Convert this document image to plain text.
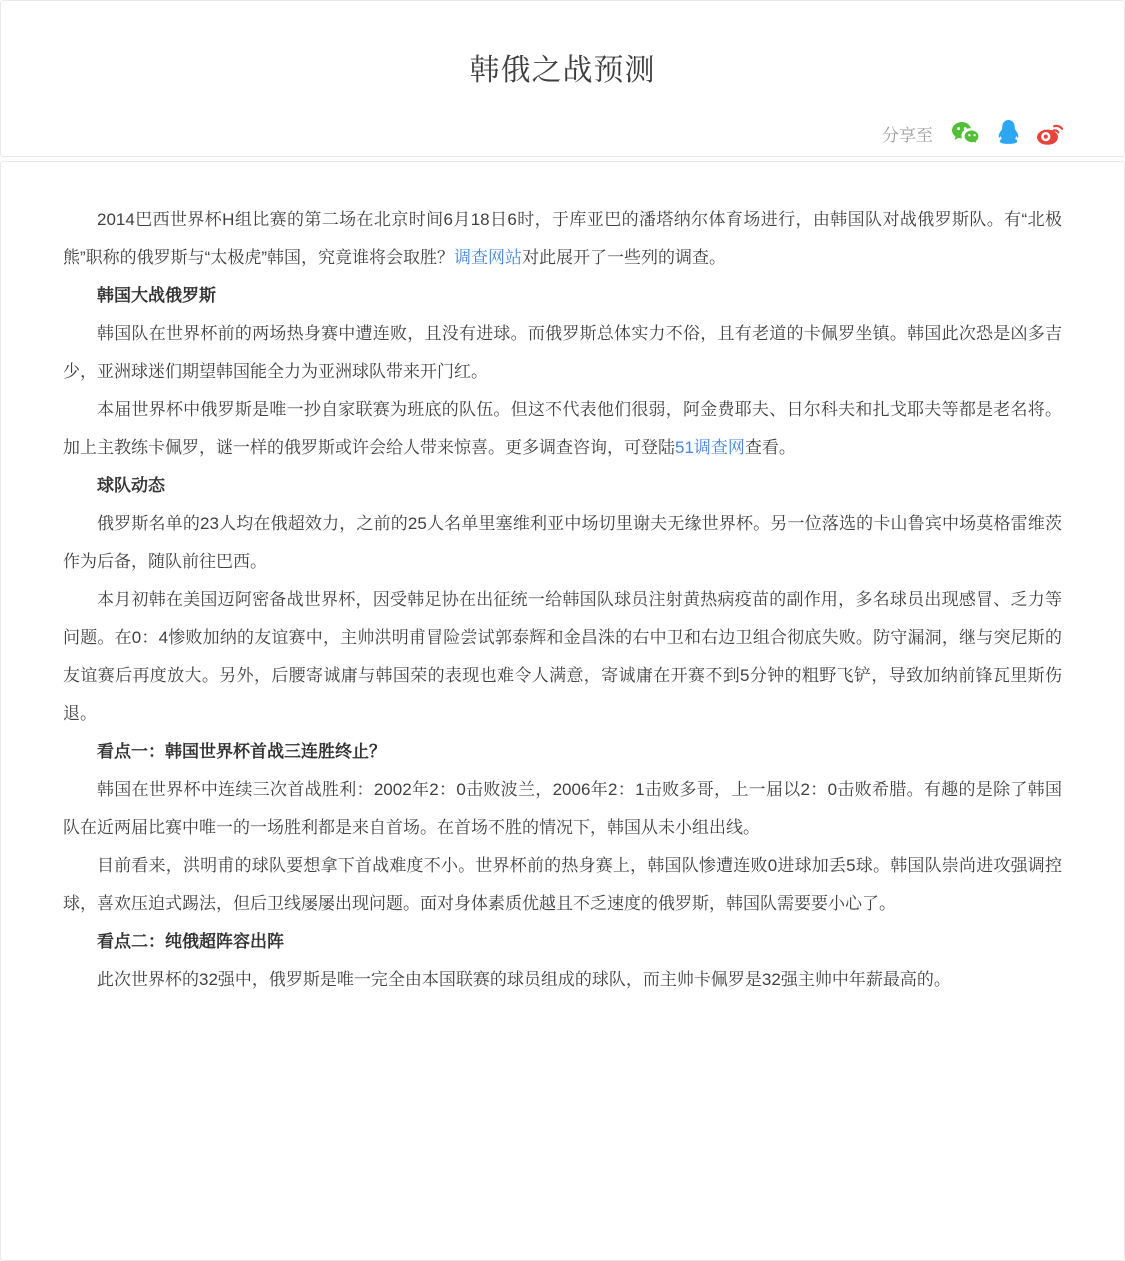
韩俄之战预测
分享至

2014巴西世界杯H组比赛的第二场在北京时间6月18日6时，于库亚巴的潘塔纳尔体育场进行，由韩国队对战俄罗斯队。有“北极熊”职称的俄罗斯与“太极虎”韩国，究竟谁将会取胜？调查网站对此展开了一些列的调查。

韩国大战俄罗斯

韩国队在世界杯前的两场热身赛中遭连败，且没有进球。而俄罗斯总体实力不俗，且有老道的卡佩罗坐镇。韩国此次恐是凶多吉少，亚洲球迷们期望韩国能全力为亚洲球队带来开门红。

本届世界杯中俄罗斯是唯一抄自家联赛为班底的队伍。但这不代表他们很弱，阿金费耶夫、日尔科夫和扎戈耶夫等都是老名将。加上主教练卡佩罗，谜一样的俄罗斯或许会给人带来惊喜。更多调查咨询，可登陆51调查网查看。

球队动态

俄罗斯名单的23人均在俄超效力，之前的25人名单里塞维利亚中场切里谢夫无缘世界杯。另一位落选的卡山鲁宾中场莫格雷维茨作为后备，随队前往巴西。

本月初韩在美国迈阿密备战世界杯，因受韩足协在出征统一给韩国队球员注射黄热病疫苗的副作用，多名球员出现感冒、乏力等问题。在0：4惨败加纳的友谊赛中，主帅洪明甫冒险尝试郭泰辉和金昌洙的右中卫和右边卫组合彻底失败。防守漏洞，继与突尼斯的友谊赛后再度放大。另外，后腰寄诚庸与韩国荣的表现也难令人满意，寄诚庸在开赛不到5分钟的粗野飞铲，导致加纳前锋瓦里斯伤退。

看点一：韩国世界杯首战三连胜终止？

韩国在世界杯中连续三次首战胜利：2002年2：0击败波兰，2006年2：1击败多哥，上一届以2：0击败希腊。有趣的是除了韩国队在近两届比赛中唯一的一场胜利都是来自首场。在首场不胜的情况下，韩国从未小组出线。

目前看来，洪明甫的球队要想拿下首战难度不小。世界杯前的热身赛上，韩国队惨遭连败0进球加丢5球。韩国队崇尚进攻强调控球，喜欢压迫式踢法，但后卫线屡屡出现问题。面对身体素质优越且不乏速度的俄罗斯，韩国队需要要小心了。

看点二：纯俄超阵容出阵

此次世界杯的32强中，俄罗斯是唯一完全由本国联赛的球员组成的球队，而主帅卡佩罗是32强主帅中年薪最高的。
